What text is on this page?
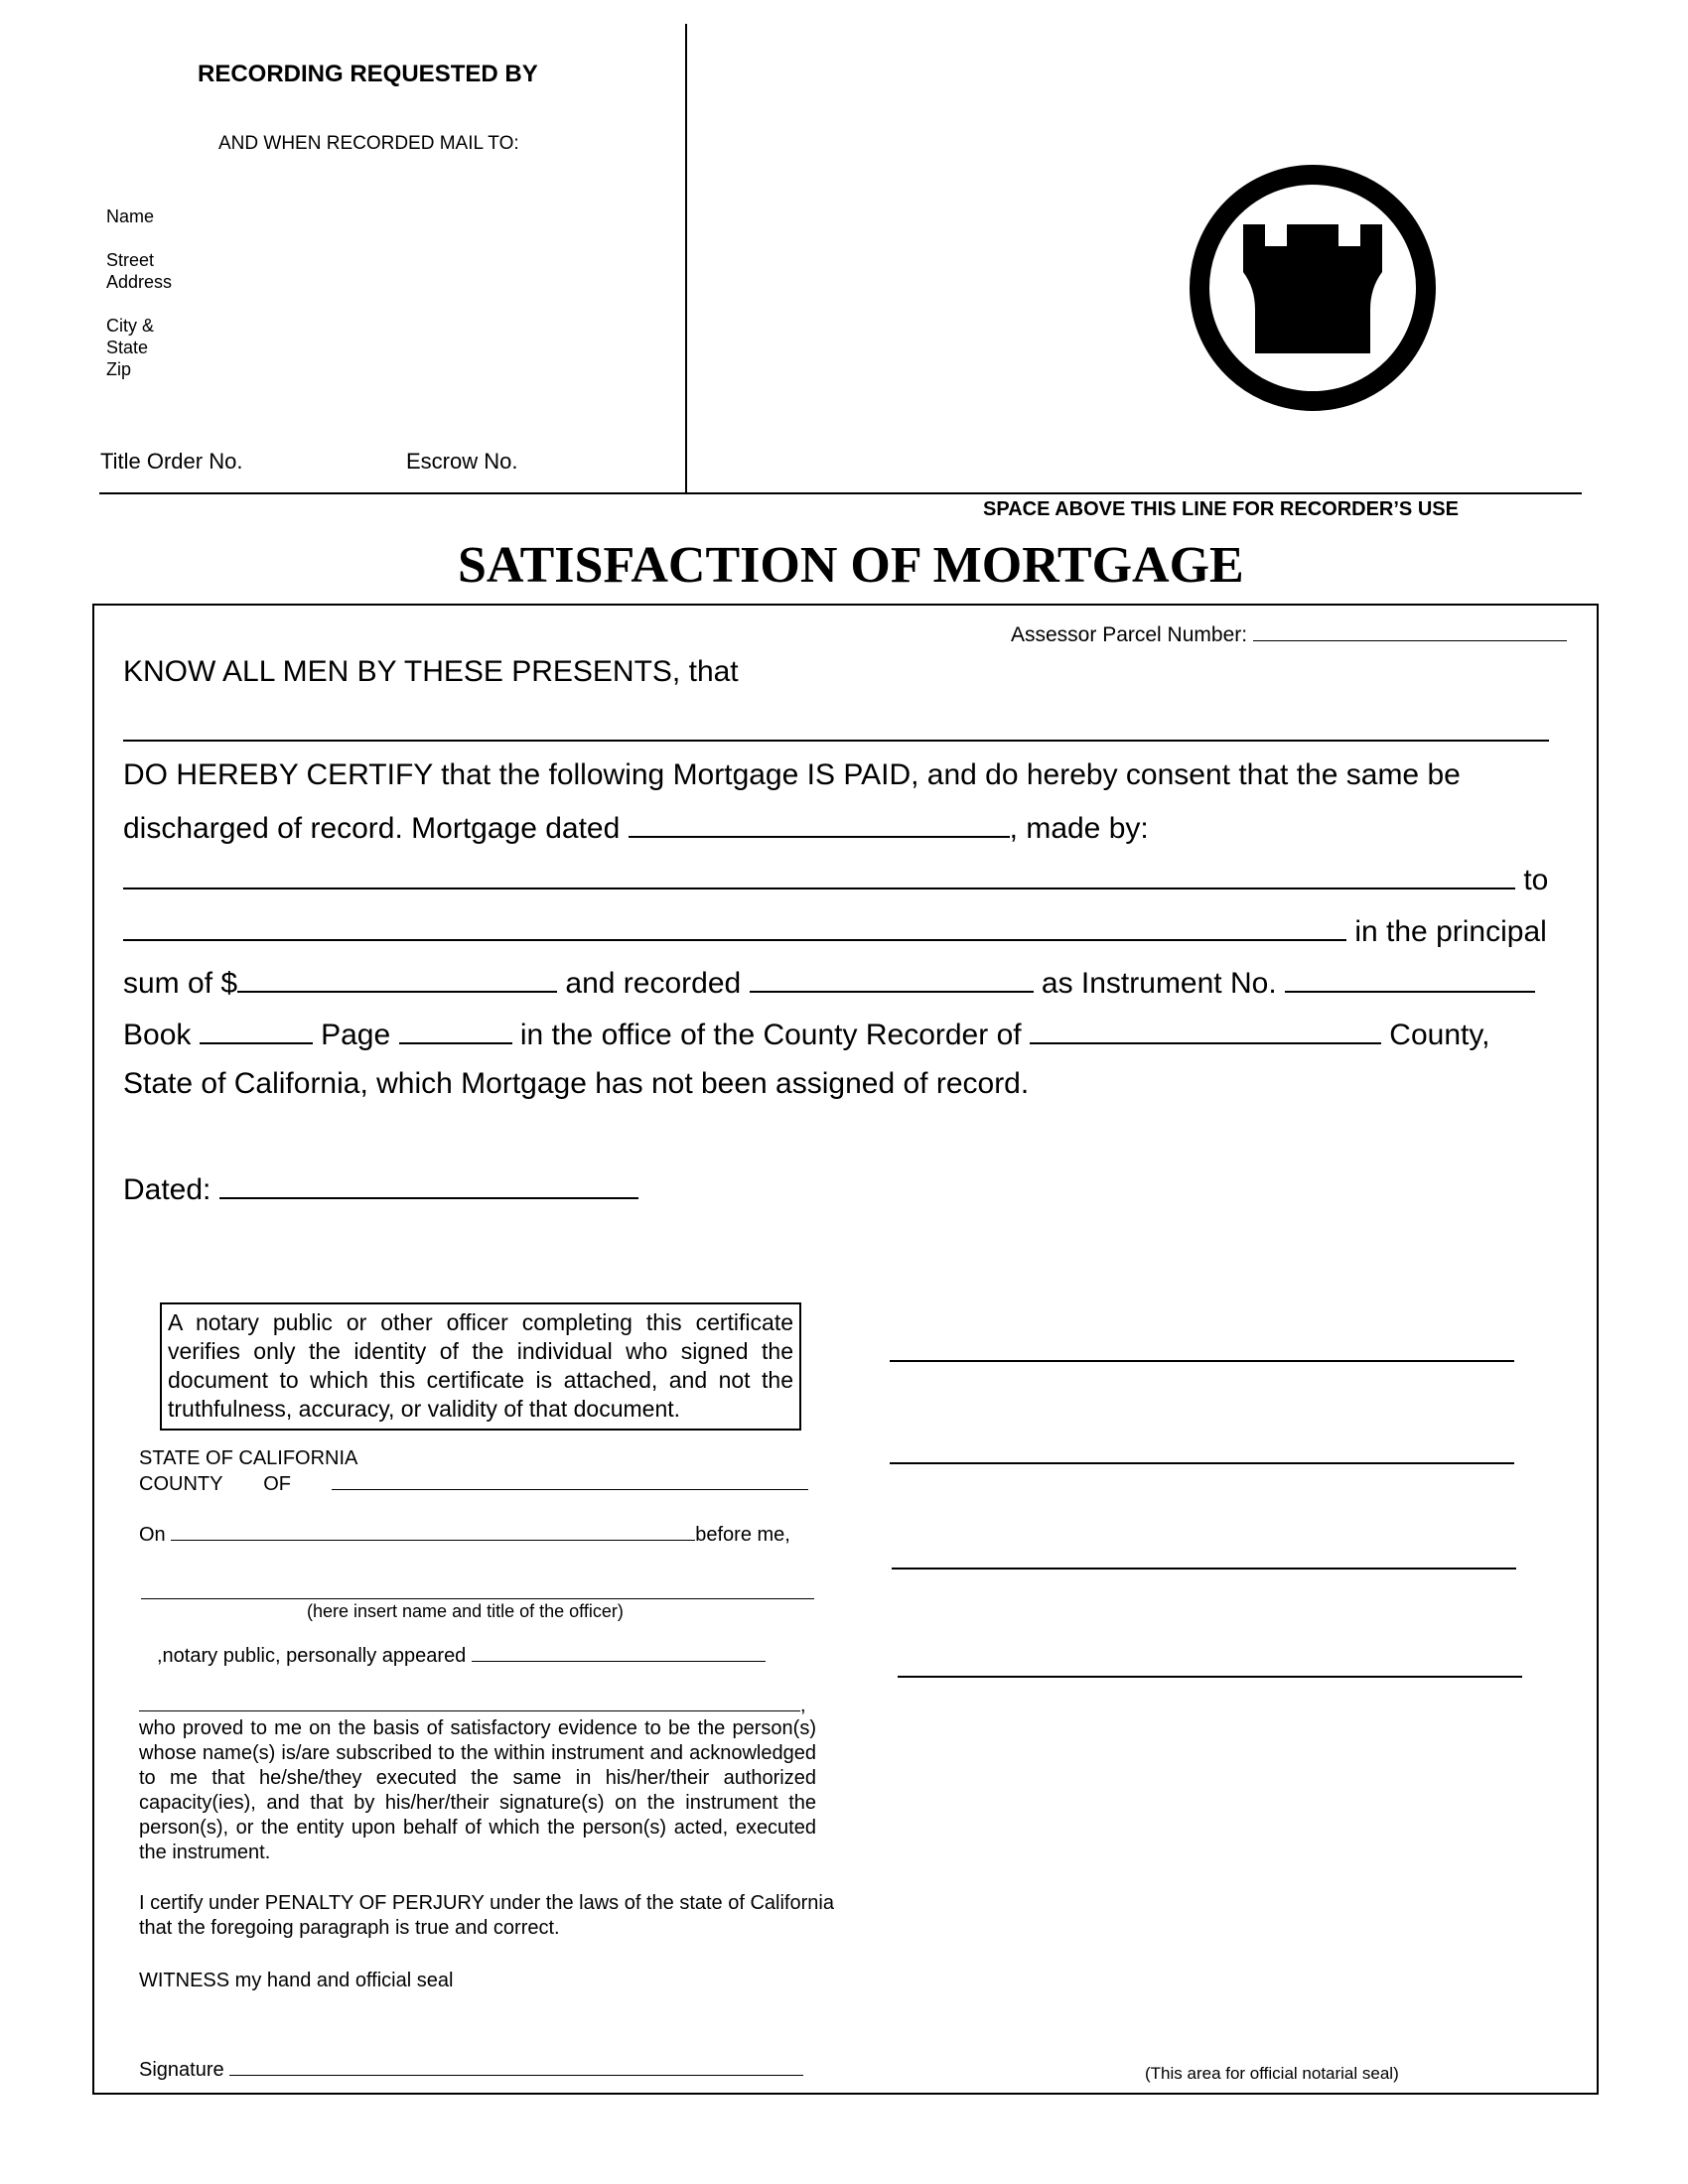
RECORDING REQUESTED BY
AND WHEN RECORDED MAIL TO:
Name
Street
Address
City &
State
Zip
Title Order No.	Escrow No.
SPACE ABOVE THIS LINE FOR RECORDER’S USE
SATISFACTION OF MORTGAGE
Assessor Parcel Number:
KNOW ALL MEN BY THESE PRESENTS, that
DO HEREBY CERTIFY that the following Mortgage IS PAID, and do hereby consent that the same be
discharged of record. Mortgage dated	, made by:
to
in the principal
sum of $	and recorded	as Instrument No.
Book	Page	in the office of the County Recorder of	County,
State of California, which Mortgage has not been assigned of record.
Dated:
A notary public or other officer completing this certificate verifies only the identity of the individual who signed the document to which this certificate is attached, and not the truthfulness, accuracy, or validity of that document.
STATE OF CALIFORNIA
COUNTY OF
On	before me,
(here insert name and title of the officer)
,notary public, personally appeared
,
who proved to me on the basis of satisfactory evidence to be the person(s) whose name(s) is/are subscribed to the within instrument and acknowledged to me that he/she/they executed the same in his/her/their authorized capacity(ies), and that by his/her/their signature(s) on the instrument the person(s), or the entity upon behalf of which the person(s) acted, executed the instrument.
I certify under PENALTY OF PERJURY under the laws of the state of California that the foregoing paragraph is true and correct.
WITNESS my hand and official seal
Signature	(This area for official notarial seal)
